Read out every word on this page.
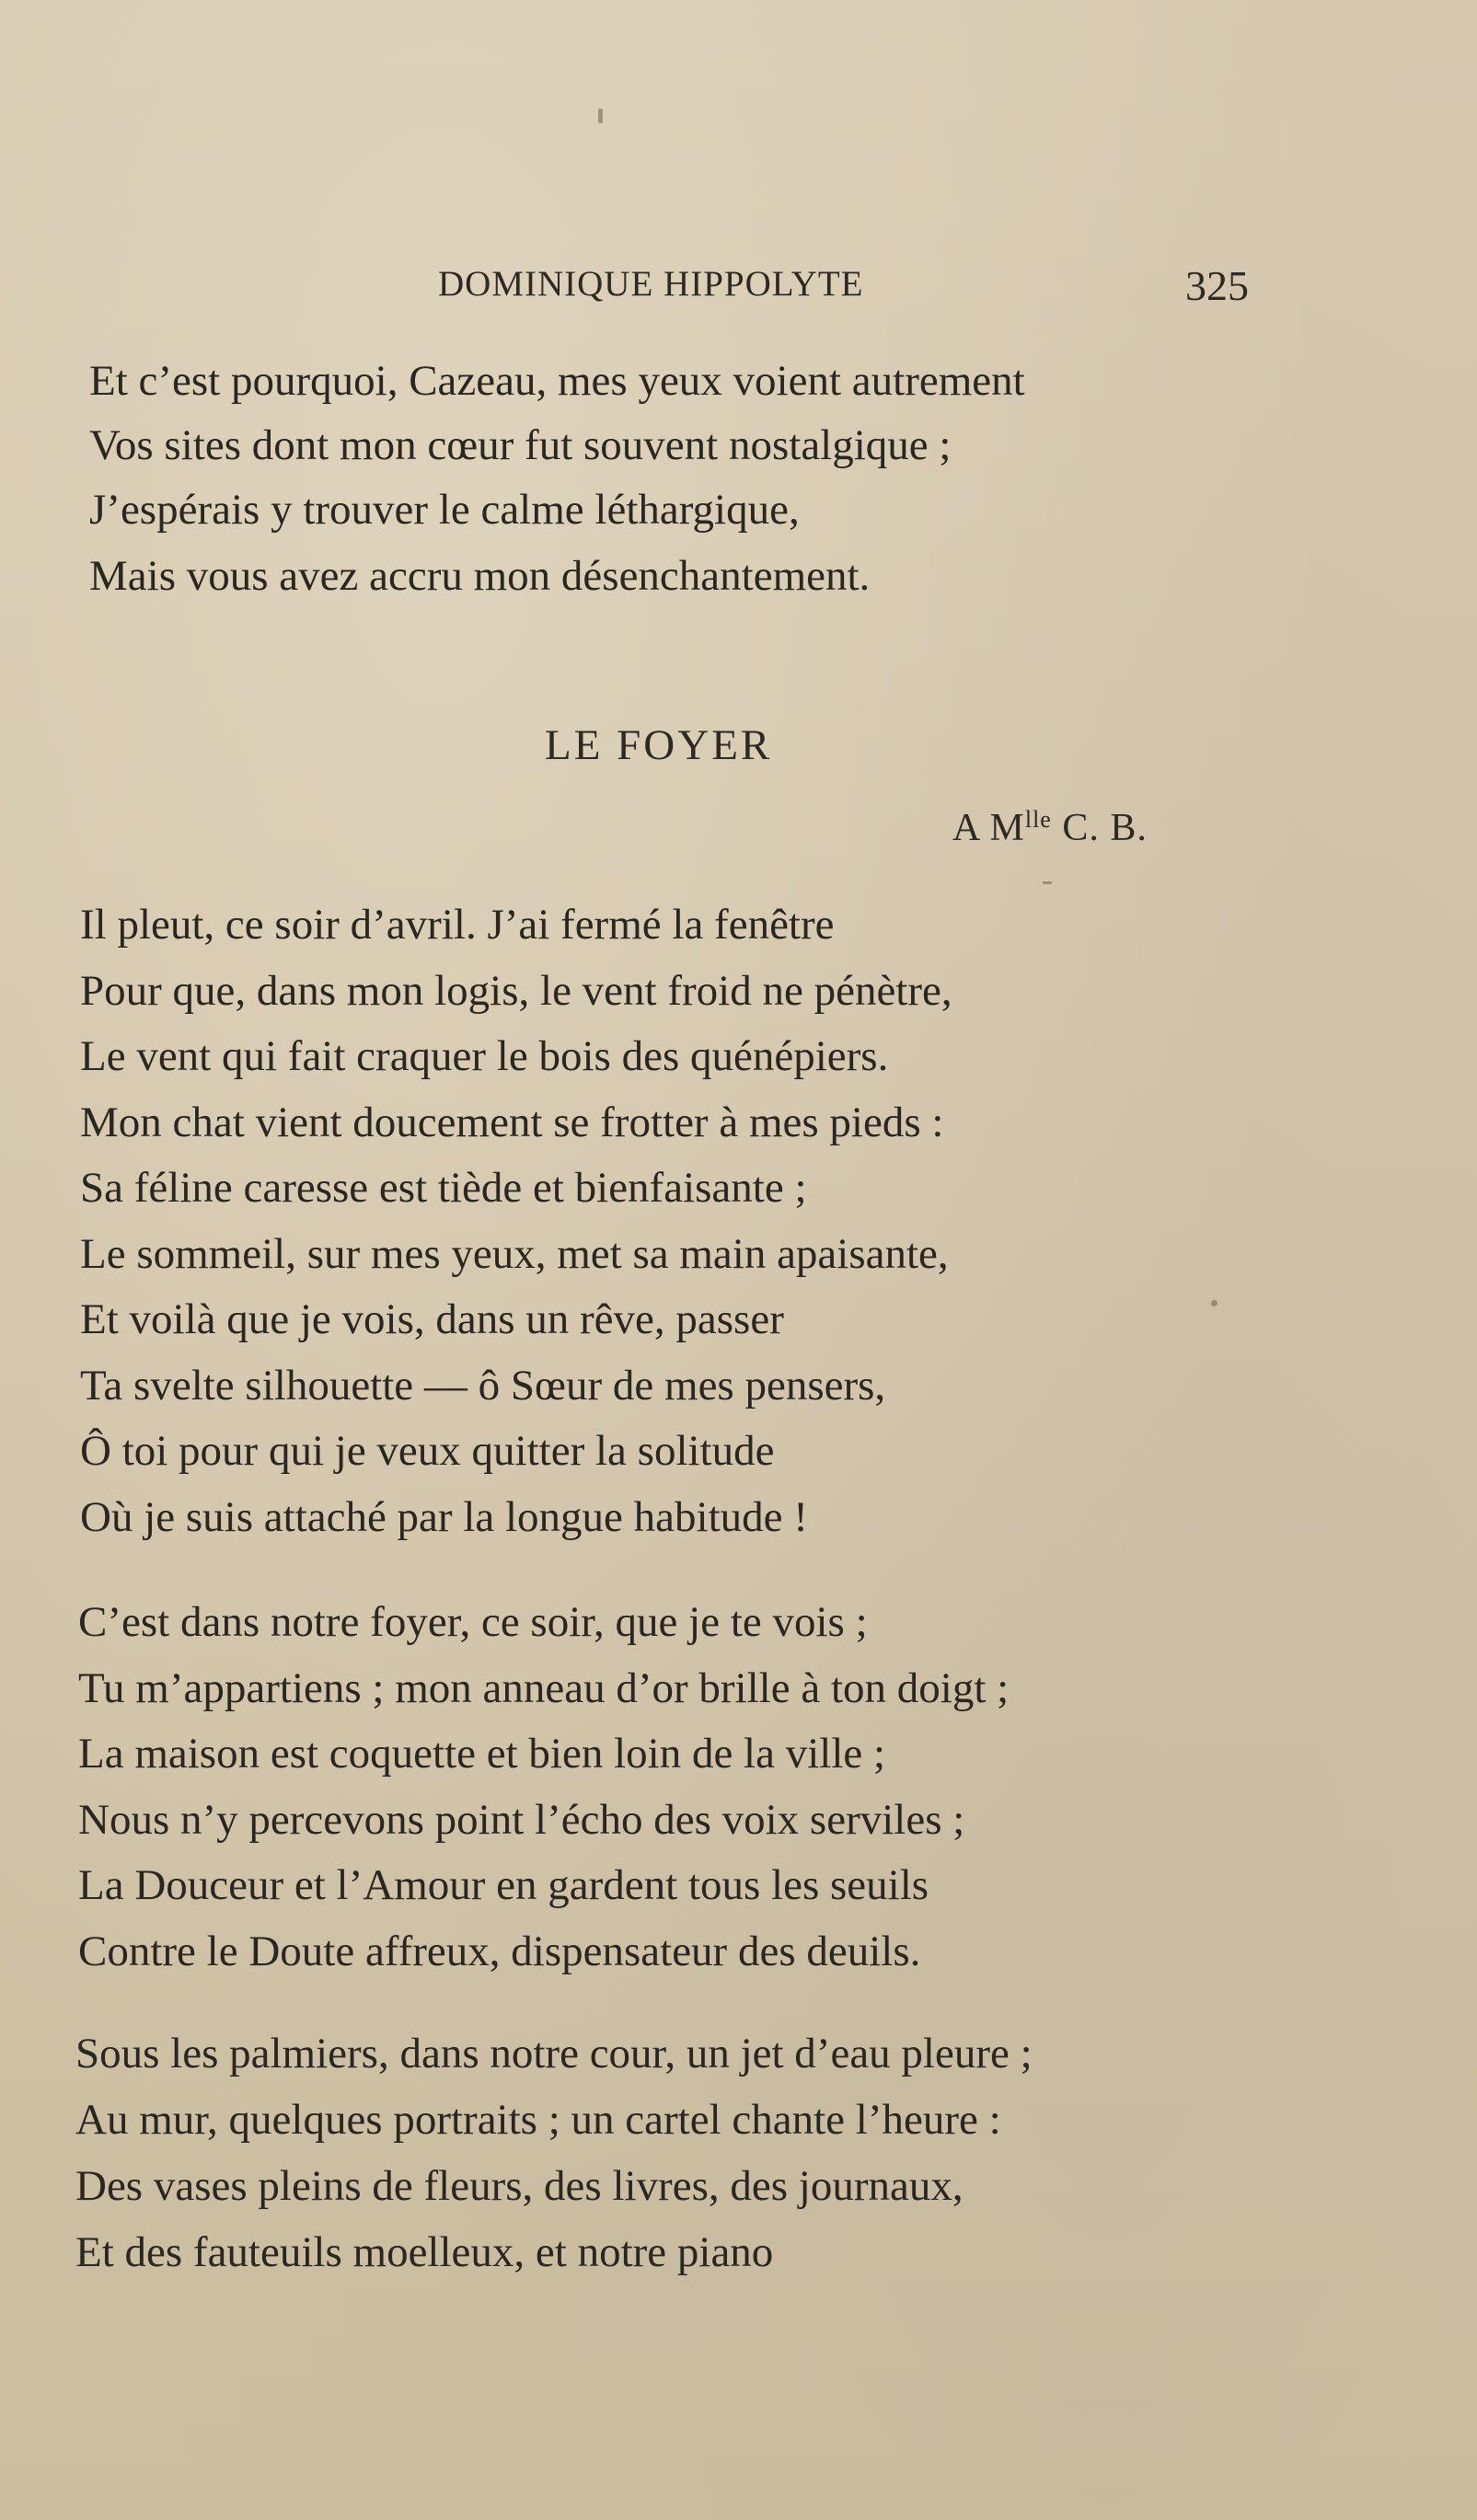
DOMINIQUE HIPPOLYTE	325
Et c’est pourquoi, Cazeau, mes yeux voient autrement
Vos sites dont mon cœur fut souvent nostalgique ;
J’espérais y trouver le calme léthargique,
Mais vous avez accru mon désenchantement.
LE FOYER
A $M^{lle}$ C. B.
Il pleut, ce soir d’avril. J’ai fermé la fenêtre
Pour que, dans mon logis, le vent froid ne pénètre,
Le vent qui fait craquer le bois des quénépiers.
Mon chat vient doucement se frotter à mes pieds :
Sa féline caresse est tiède et bienfaisante ;
Le sommeil, sur mes yeux, met sa main apaisante,
Et voilà que je vois, dans un rêve, passer
Ta svelte silhouette — ô Sœur de mes pensers,
Ô toi pour qui je veux quitter la solitude
Où je suis attaché par la longue habitude !
C’est dans notre foyer, ce soir, que je te vois ;
Tu m’appartiens ; mon anneau d’or brille à ton doigt ;
La maison est coquette et bien loin de la ville ;
Nous n’y percevons point l’écho des voix serviles ;
La Douceur et l’Amour en gardent tous les seuils
Contre le Doute affreux, dispensateur des deuils.
Sous les palmiers, dans notre cour, un jet d’eau pleure ;
Au mur, quelques portraits ; un cartel chante l’heure :
Des vases pleins de fleurs, des livres, des journaux,
Et des fauteuils moelleux, et notre piano
